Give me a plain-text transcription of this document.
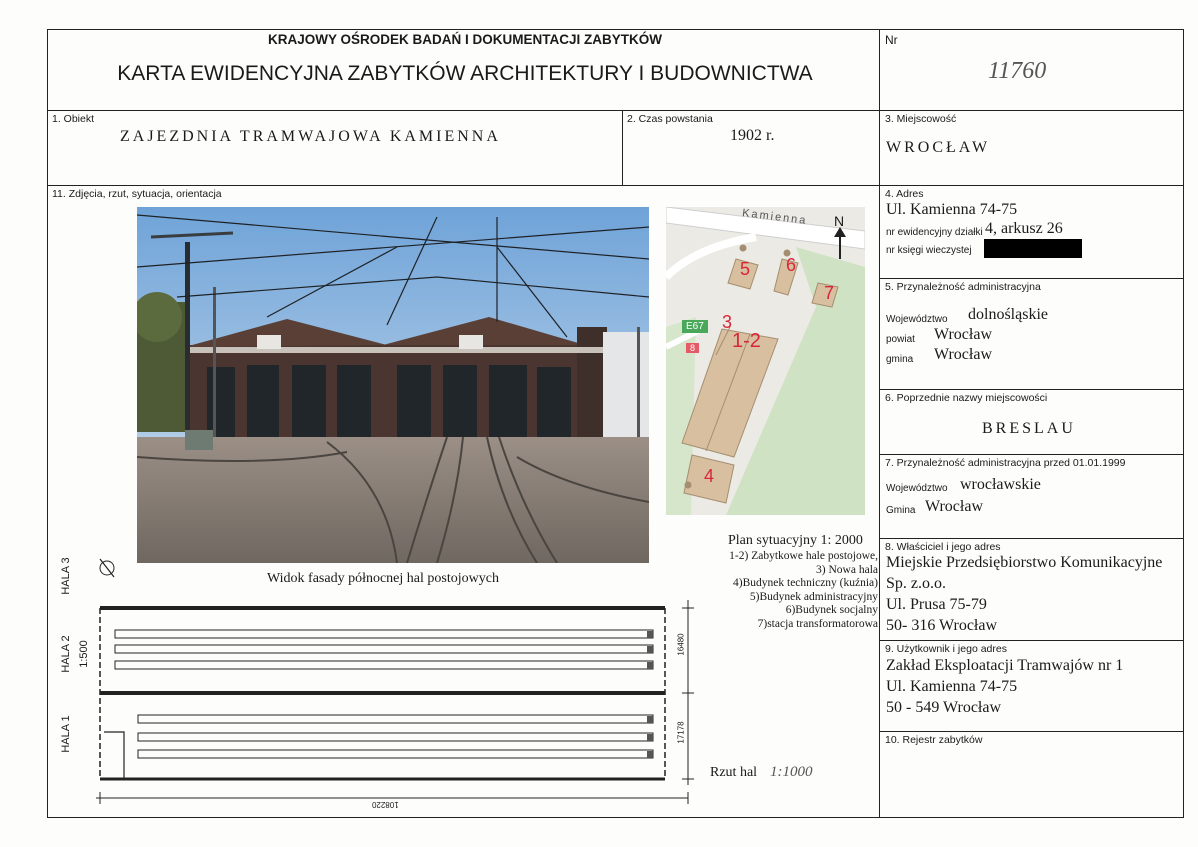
KRAJOWY OŚRODEK BADAŃ I DOKUMENTACJI ZABYTKÓW
KARTA EWIDENCYJNA ZABYTKÓW ARCHITEKTURY I BUDOWNICTWA
Nr
11760
1. Obiekt
ZAJEZDNIA TRAMWAJOWA KAMIENNA
2. Czas powstania
1902 r.
3. Miejscowość
WROCŁAW
11. Zdjęcia, rzut, sytuacja, orientacja
Widok fasady północnej hal postojowych
Kamienna N
E67
8
5 6
7
3
1-2
4
Plan sytuacyjny 1: 2000
1-2) Zabytkowe hale postojowe,
3) Nowa hala
4)Budynek techniczny (kuźnia)
5)Budynek administracyjny
6)Budynek socjalny
7)stacja transformatorowa
HALA 3
HALA 2 1:500
HALA 1
16480
17178
108220
Rzut hal 1:1000
4. Adres
Ul. Kamienna 74-75
nr ewidencyjny działki 4, arkusz 26
nr księgi wieczystej
5. Przynależność administracyjna
Województwo dolnośląskie
powiat Wrocław
gmina Wrocław
6. Poprzednie nazwy miejscowości
BRESLAU
7. Przynależność administracyjna przed 01.01.1999
Województwo wrocławskie
Gmina Wrocław
8. Właściciel i jego adres
Miejskie Przedsiębiorstwo Komunikacyjne
Sp. z.o.o.
Ul. Prusa 75-79
50- 316 Wrocław
9. Użytkownik i jego adres
Zakład Eksploatacji Tramwajów nr 1
Ul. Kamienna 74-75
50 - 549 Wrocław
10. Rejestr zabytków
